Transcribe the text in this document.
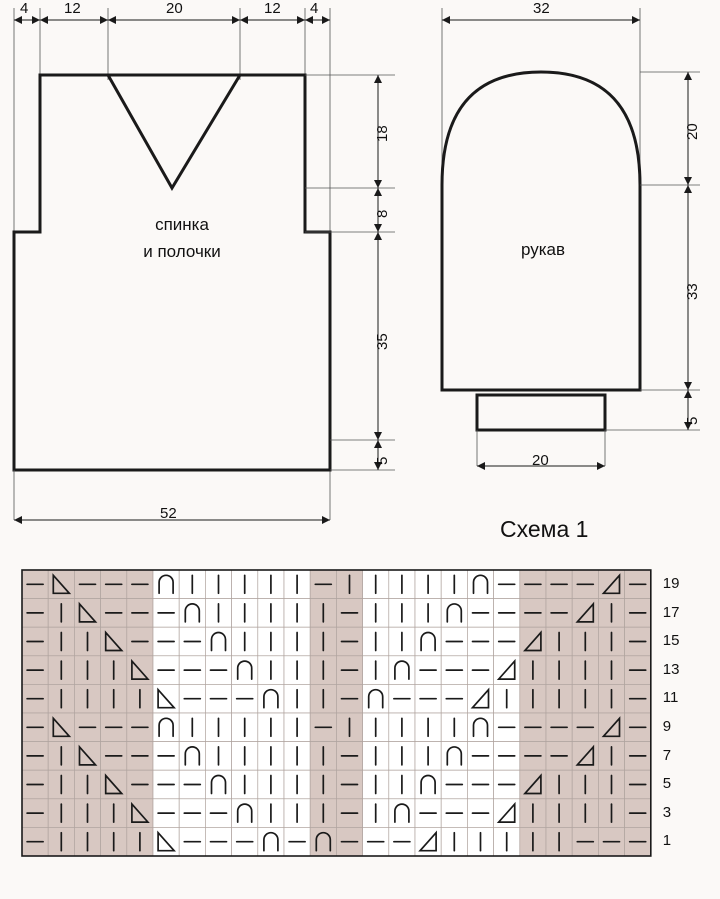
4 12	20	12 4
18
8
35
5
52
спинка
и полочки
32
20
33
5
20
рукав
Схема 1
19
17
15
13
11
9
7
5
3
1
